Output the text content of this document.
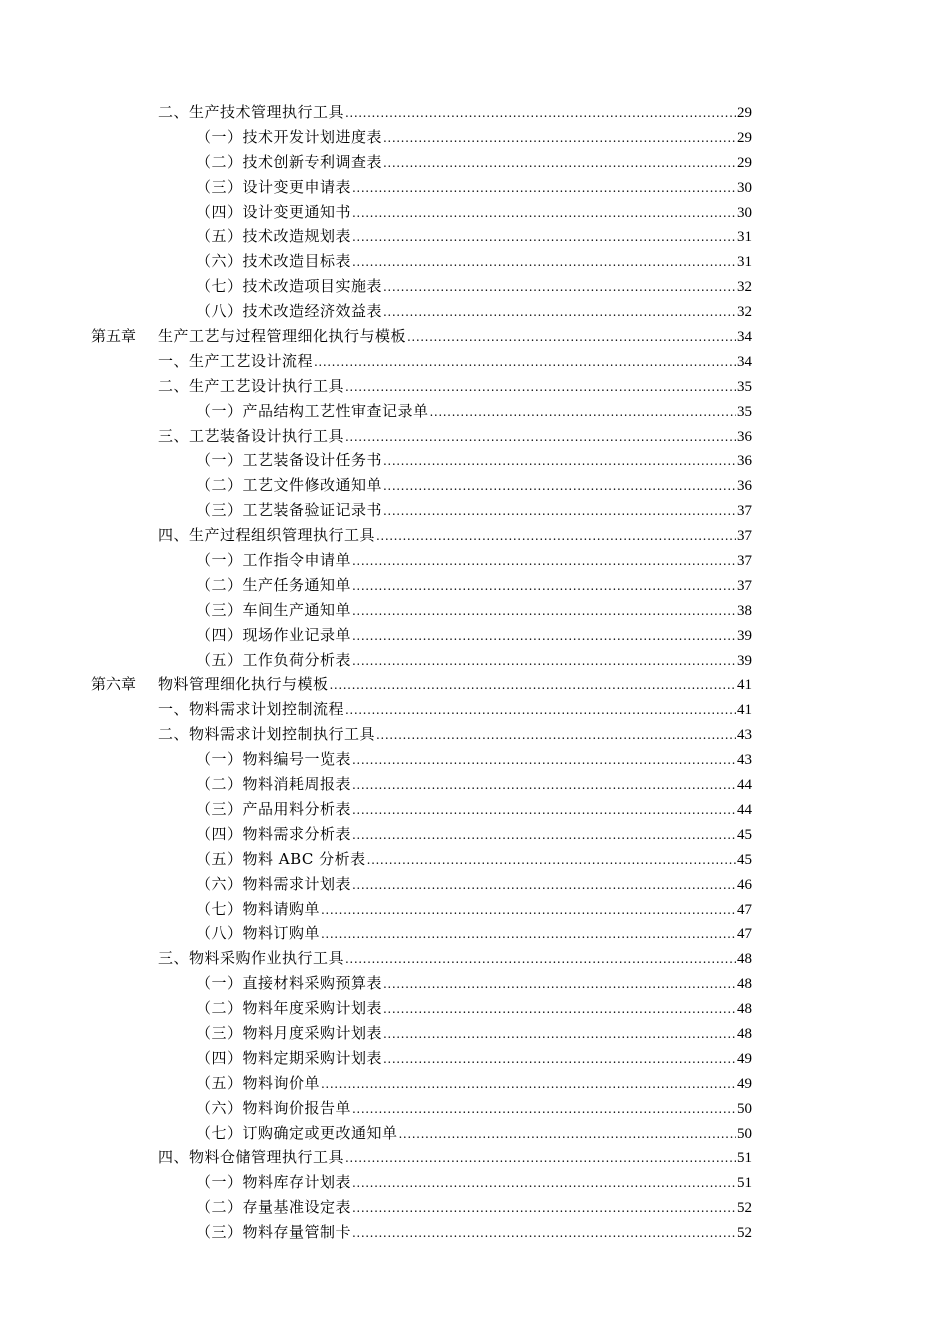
二、生产技术管理执行工具 .....	29
（一）技术开发计划进度表 .....	29
（二）技术创新专利调查表 .....	29
（三）设计变更申请表 .....	30
（四）设计变更通知书 .....	30
（五）技术改造规划表 .....	31
（六）技术改造目标表 .....	31
（七）技术改造项目实施表 .....	32
（八）技术改造经济效益表 .....	32
第五章	生产工艺与过程管理细化执行与模板 .....	34
一、生产工艺设计流程 .....	34
二、生产工艺设计执行工具 .....	35
（一）产品结构工艺性审查记录单 .....	35
三、工艺装备设计执行工具 .....	36
（一）工艺装备设计任务书 .....	36
（二）工艺文件修改通知单 .....	36
（三）工艺装备验证记录书 .....	37
四、生产过程组织管理执行工具 .....	37
（一）工作指令申请单 .....	37
（二）生产任务通知单 .....	37
（三）车间生产通知单 .....	38
（四）现场作业记录单 .....	39
（五）工作负荷分析表 .....	39
第六章	物料管理细化执行与模板 .....	41
一、物料需求计划控制流程 .....	41
二、物料需求计划控制执行工具 .....	43
（一）物料编号一览表 .....	43
（二）物料消耗周报表 .....	44
（三）产品用料分析表 .....	44
（四）物料需求分析表 .....	45
（五）物料 ABC 分析表 .....	45
（六）物料需求计划表 .....	46
（七）物料请购单 .....	47
（八）物料订购单 .....	47
三、物料采购作业执行工具 .....	48
（一）直接材料采购预算表 .....	48
（二）物料年度采购计划表 .....	48
（三）物料月度采购计划表 .....	48
（四）物料定期采购计划表 .....	49
（五）物料询价单 .....	49
（六）物料询价报告单 .....	50
（七）订购确定或更改通知单 .....	50
四、物料仓储管理执行工具 .....	51
（一）物料库存计划表 .....	51
（二）存量基准设定表 .....	52
（三）物料存量管制卡 .....	52
